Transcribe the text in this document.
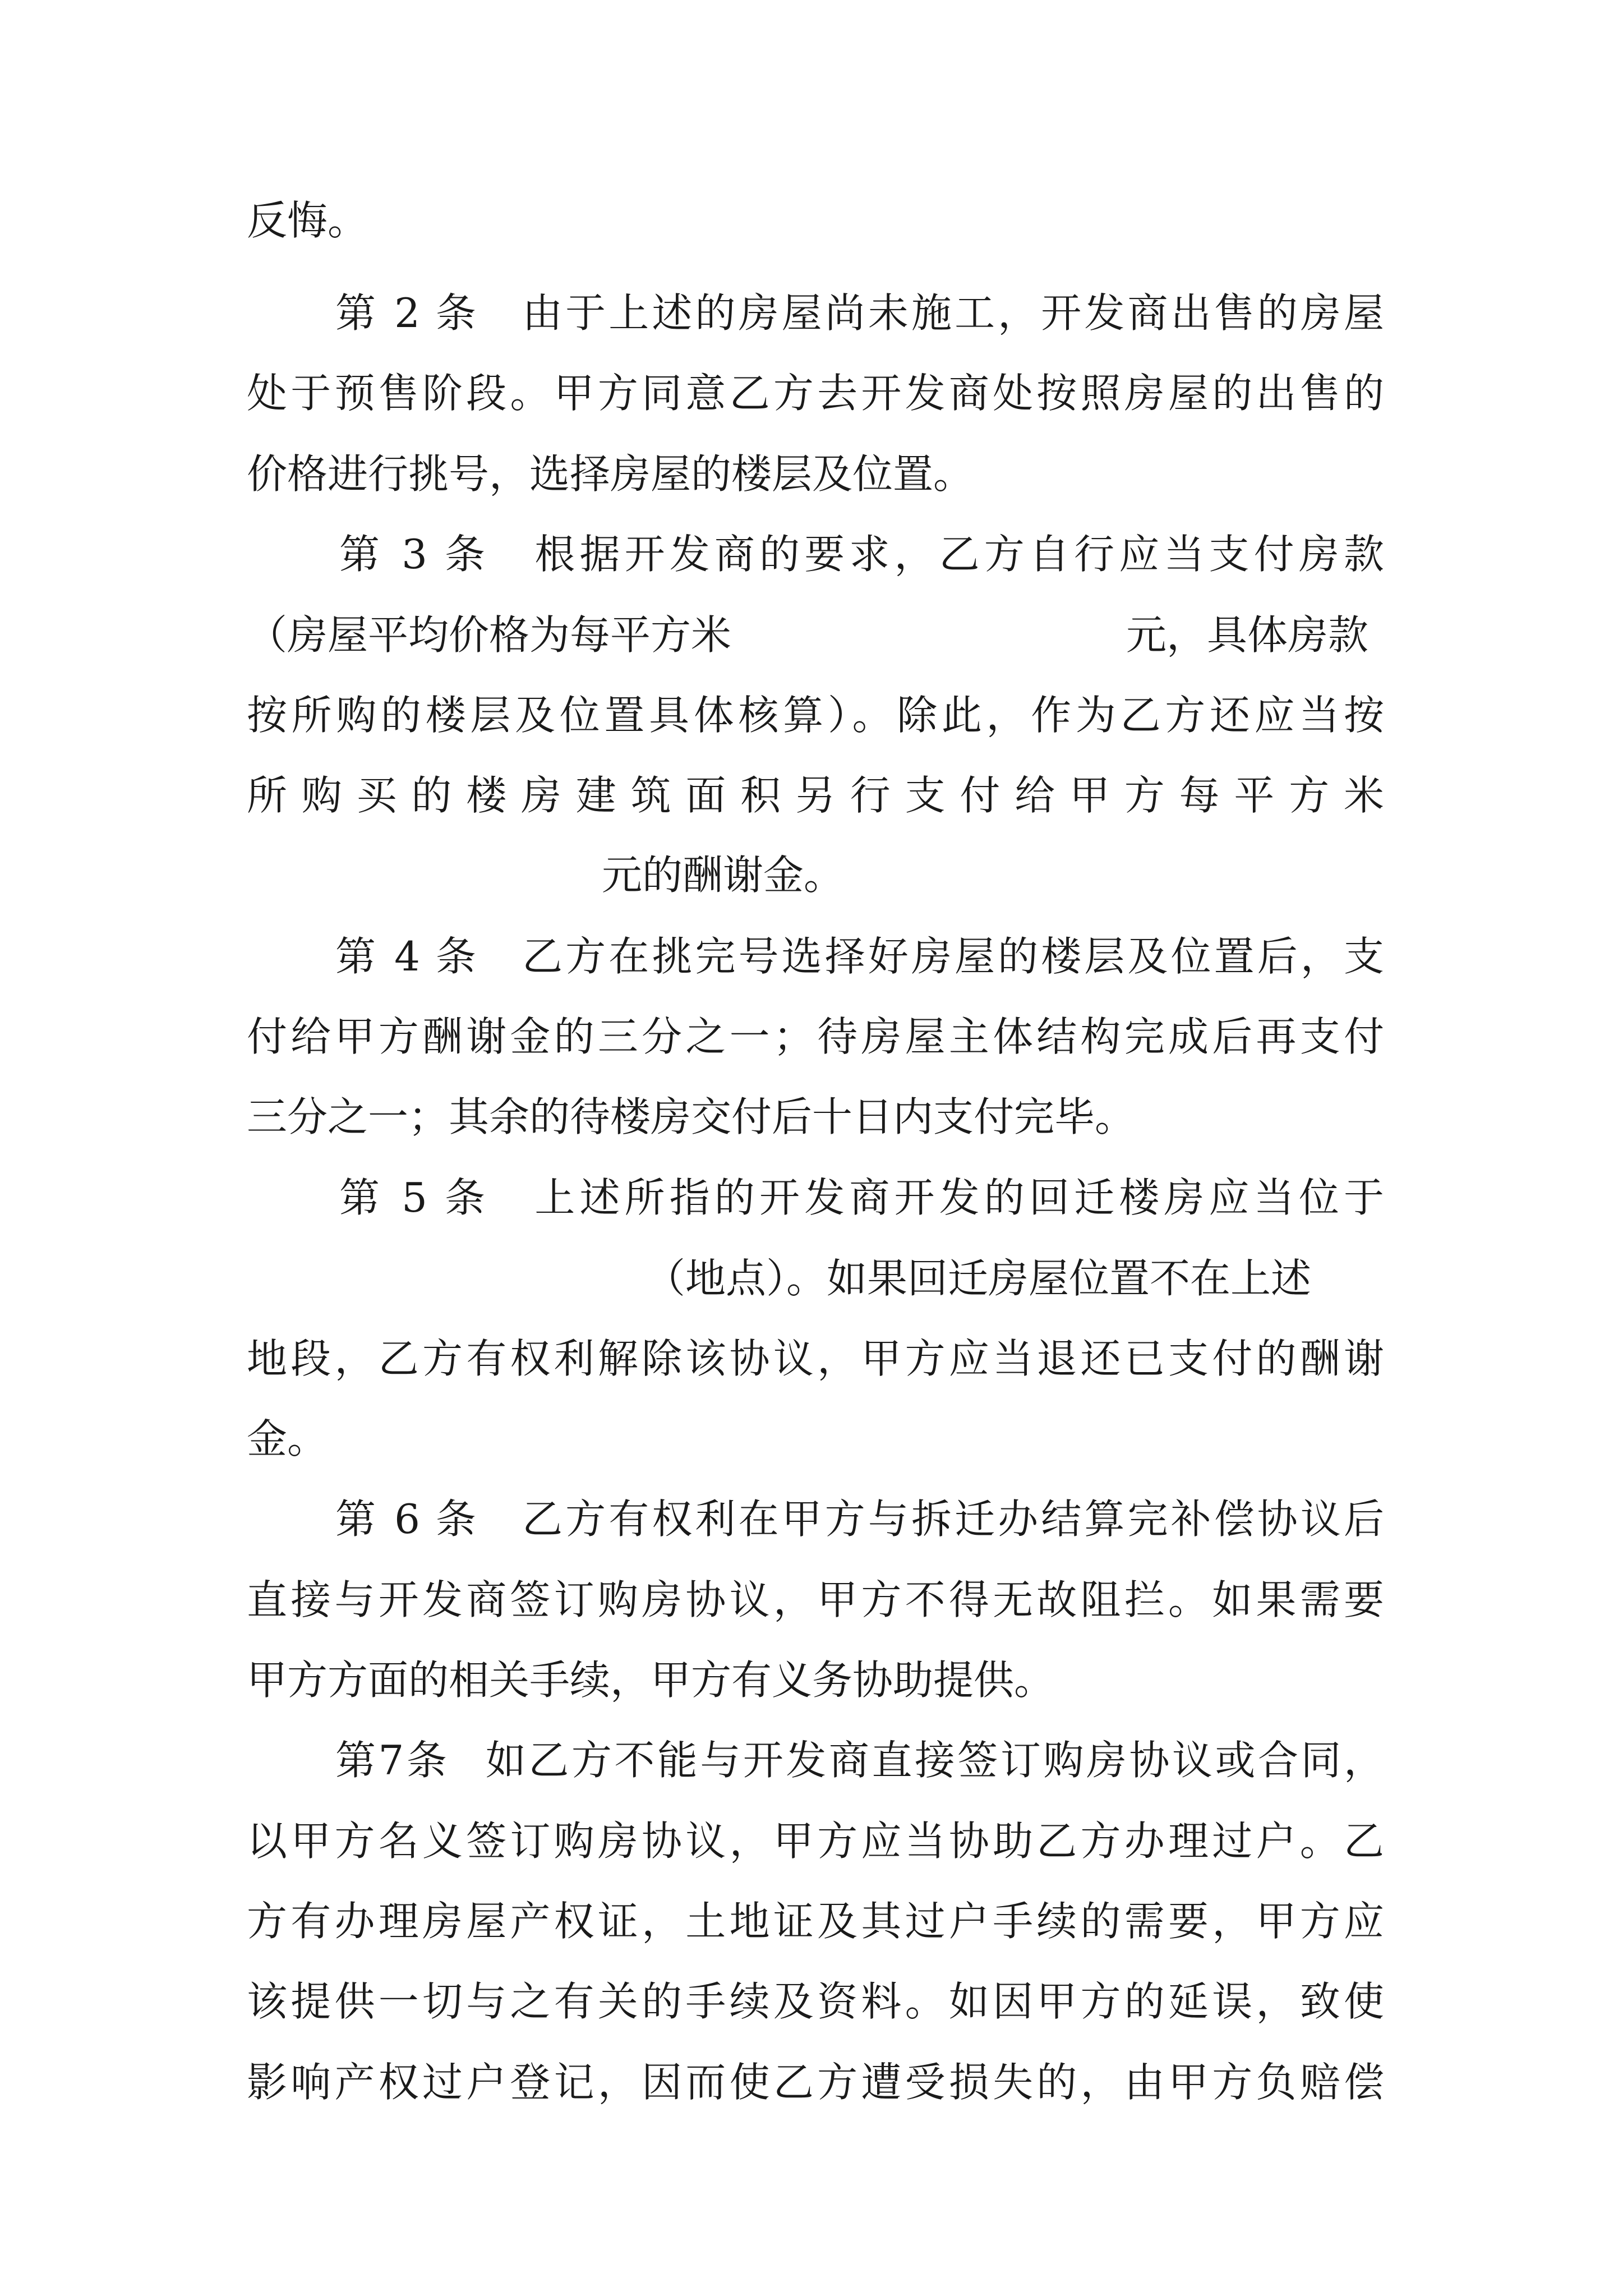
反悔。
第 2 条 由于上述的房屋尚未施工，开发商出售的房屋
处于预售阶段。甲方同意乙方去开发商处按照房屋的出售的
价格进行挑号，选择房屋的楼层及位置。
第 3 条 根据开发商的要求，乙方自行应当支付房款
（房屋平均价格为每平方米	元，具体房款
按所购的楼层及位置具体核算）。除此，作为乙方还应当按
所 购 买 的 楼 房 建 筑 面 积 另 行 支 付 给 甲 方 每 平 方 米
元的酬谢金。
第 4 条 乙方在挑完号选择好房屋的楼层及位置后，支
付给甲方酬谢金的三分之一；待房屋主体结构完成后再支付
三分之一；其余的待楼房交付后十日内支付完毕。
第 5 条 上述所指的开发商开发的回迁楼房应当位于
（地点）。如果回迁房屋位置不在上述
地段，乙方有权利解除该协议，甲方应当退还已支付的酬谢
金。
第 6 条 乙方有权利在甲方与拆迁办结算完补偿协议后
直接与开发商签订购房协议，甲方不得无故阻拦。如果需要
甲方方面的相关手续，甲方有义务协助提供。
第7条 如乙方不能与开发商直接签订购房协议或合同，
以甲方名义签订购房协议，甲方应当协助乙方办理过户。乙
方有办理房屋产权证，土地证及其过户手续的需要，甲方应
该提供一切与之有关的手续及资料。如因甲方的延误，致使
影响产权过户登记，因而使乙方遭受损失的，由甲方负赔偿
